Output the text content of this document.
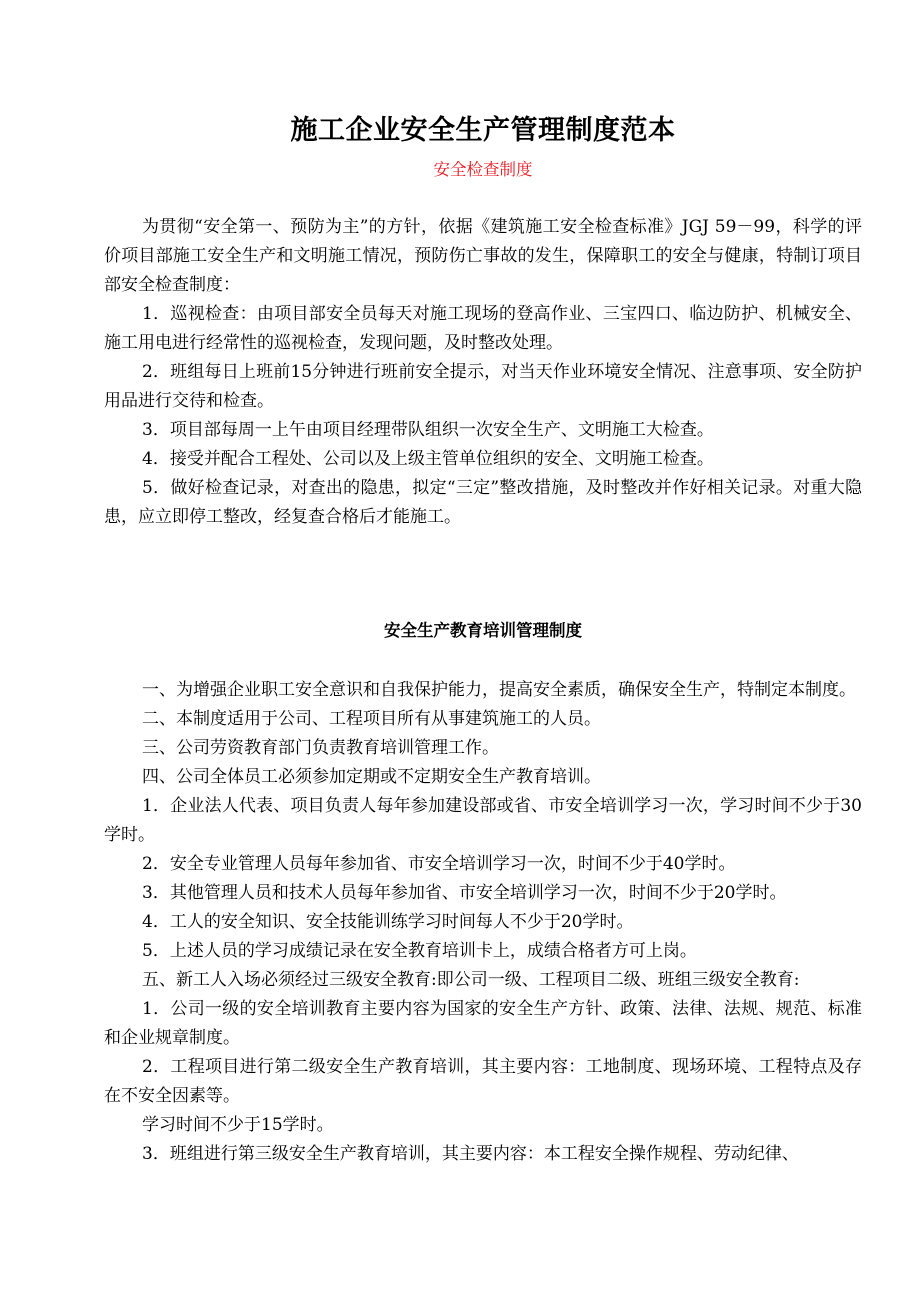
施工企业安全生产管理制度范本
安全检查制度

为贯彻“安全第一、预防为主”的方针，依据《建筑施工安全检查标准》JGJ 59－99，科学的评价项目部施工安全生产和文明施工情况，预防伤亡事故的发生，保障职工的安全与健康，特制订项目部安全检查制度：

1．巡视检查：由项目部安全员每天对施工现场的登高作业、三宝四口、临边防护、机械安全、施工用电进行经常性的巡视检查，发现问题，及时整改处理。

2．班组每日上班前15分钟进行班前安全提示，对当天作业环境安全情况、注意事项、安全防护用品进行交待和检查。

3．项目部每周一上午由项目经理带队组织一次安全生产、文明施工大检查。

4．接受并配合工程处、公司以及上级主管单位组织的安全、文明施工检查。

5．做好检查记录，对查出的隐患，拟定“三定”整改措施，及时整改并作好相关记录。对重大隐患，应立即停工整改，经复查合格后才能施工。

安全生产教育培训管理制度

一、为增强企业职工安全意识和自我保护能力，提高安全素质，确保安全生产，特制定本制度。

二、本制度适用于公司、工程项目所有从事建筑施工的人员。

三、公司劳资教育部门负责教育培训管理工作。

四、公司全体员工必须参加定期或不定期安全生产教育培训。

1．企业法人代表、项目负责人每年参加建设部或省、市安全培训学习一次，学习时间不少于30学时。

2．安全专业管理人员每年参加省、市安全培训学习一次，时间不少于40学时。

3．其他管理人员和技术人员每年参加省、市安全培训学习一次，时间不少于20学时。

4．工人的安全知识、安全技能训练学习时间每人不少于20学时。

5．上述人员的学习成绩记录在安全教育培训卡上，成绩合格者方可上岗。

五、新工人入场必须经过三级安全教育:即公司一级、工程项目二级、班组三级安全教育:

1．公司一级的安全培训教育主要内容为国家的安全生产方针、政策、法律、法规、规范、标准和企业规章制度。

2．工程项目进行第二级安全生产教育培训，其主要内容：工地制度、现场环境、工程特点及存在不安全因素等。

学习时间不少于15学时。

3．班组进行第三级安全生产教育培训，其主要内容：本工程安全操作规程、劳动纪律、
